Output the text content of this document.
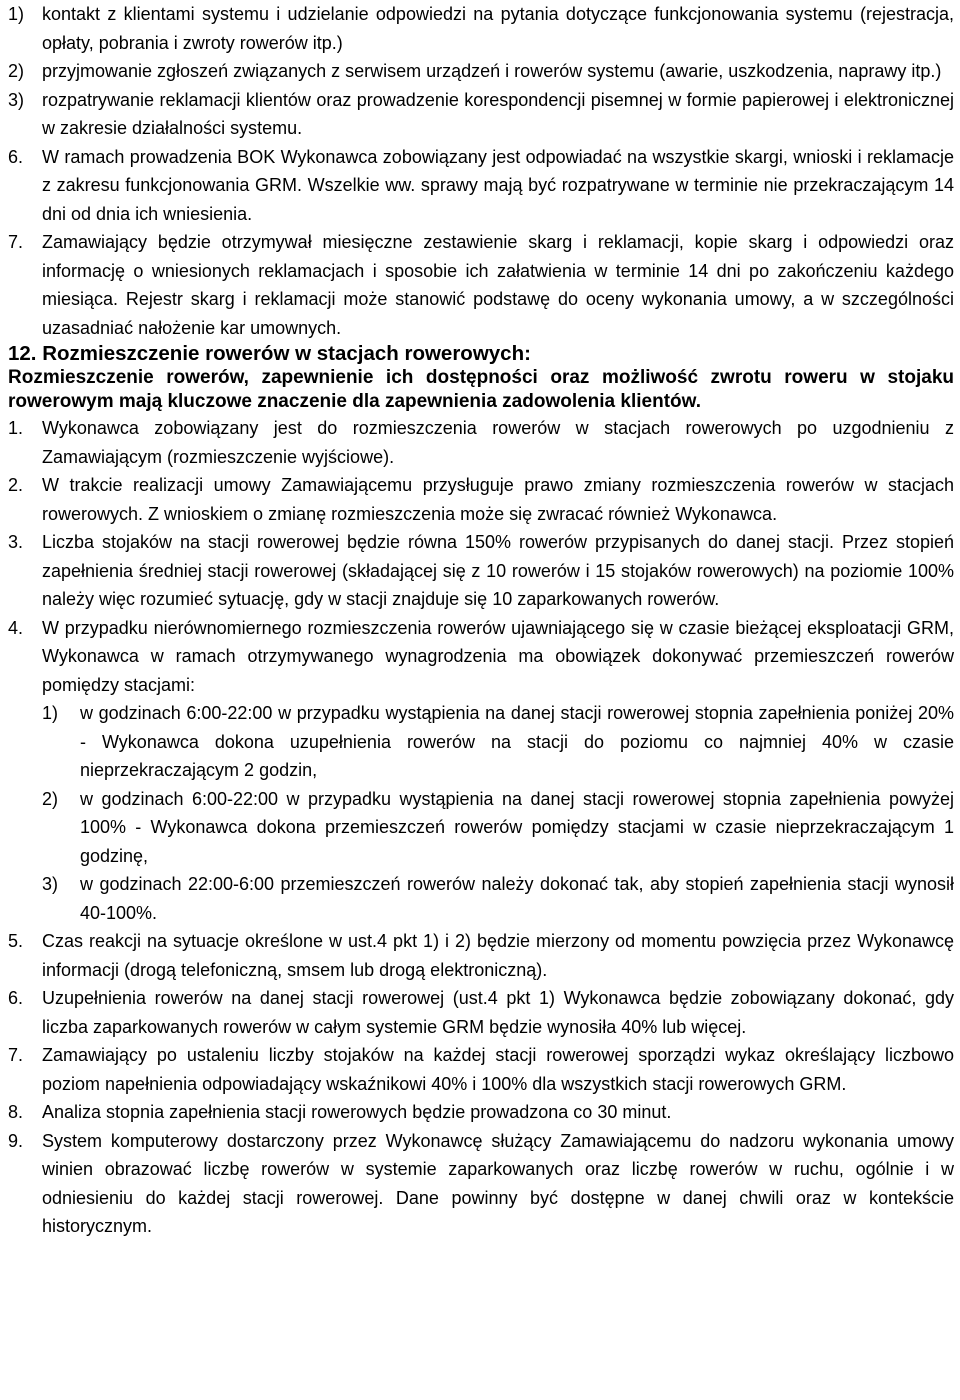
1) kontakt z klientami systemu i udzielanie odpowiedzi na pytania dotyczące funkcjonowania systemu (rejestracja, opłaty, pobrania i zwroty rowerów itp.)
2) przyjmowanie zgłoszeń związanych z serwisem urządzeń i rowerów systemu (awarie, uszkodzenia, naprawy itp.)
3) rozpatrywanie reklamacji klientów oraz prowadzenie korespondencji pisemnej w formie papierowej i elektronicznej w zakresie działalności systemu.
6.	W ramach prowadzenia BOK Wykonawca zobowiązany jest odpowiadać na wszystkie skargi, wnioski i reklamacje z zakresu funkcjonowania GRM. Wszelkie ww. sprawy mają być rozpatrywane w terminie nie przekraczającym 14 dni od dnia ich wniesienia.
7.	Zamawiający będzie otrzymywał miesięczne zestawienie skarg i reklamacji, kopie skarg i odpowiedzi oraz informację o wniesionych reklamacjach i sposobie ich załatwienia w terminie 14 dni po zakończeniu każdego miesiąca. Rejestr skarg i reklamacji może stanowić podstawę do oceny wykonania umowy, a w szczególności uzasadniać nałożenie kar umownych.

12. Rozmieszczenie rowerów w stacjach rowerowych:

Rozmieszczenie rowerów, zapewnienie ich dostępności oraz możliwość zwrotu roweru w stojaku rowerowym mają kluczowe znaczenie dla zapewnienia zadowolenia klientów.

1.	Wykonawca zobowiązany jest do rozmieszczenia rowerów w stacjach rowerowych po uzgodnieniu z Zamawiającym (rozmieszczenie wyjściowe).
2.	W trakcie realizacji umowy Zamawiającemu przysługuje prawo zmiany rozmieszczenia rowerów w stacjach rowerowych. Z wnioskiem o zmianę rozmieszczenia może się zwracać również Wykonawca.
3.	Liczba stojaków na stacji rowerowej będzie równa 150% rowerów przypisanych do danej stacji. Przez stopień zapełnienia średniej stacji rowerowej (składającej się z 10 rowerów i 15 stojaków rowerowych) na poziomie 100% należy więc rozumieć sytuację, gdy w stacji znajduje się 10 zaparkowanych rowerów.
4.	W przypadku nierównomiernego rozmieszczenia rowerów ujawniającego się w czasie bieżącej eksploatacji GRM, Wykonawca w ramach otrzymywanego wynagrodzenia ma obowiązek dokonywać przemieszczeń rowerów pomiędzy stacjami:
1)	w godzinach 6:00-22:00 w przypadku wystąpienia na danej stacji rowerowej stopnia zapełnienia poniżej 20% - Wykonawca dokona uzupełnienia rowerów na stacji do poziomu co najmniej 40% w czasie nieprzekraczającym 2 godzin,
2)	w godzinach 6:00-22:00 w przypadku wystąpienia na danej stacji rowerowej stopnia zapełnienia powyżej 100% - Wykonawca dokona przemieszczeń rowerów pomiędzy stacjami w czasie nieprzekraczającym 1 godzinę,
3)	w godzinach 22:00-6:00 przemieszczeń rowerów należy dokonać tak, aby stopień zapełnienia stacji wynosił 40-100%.
5.	Czas reakcji na sytuacje określone w ust.4 pkt 1) i 2) będzie mierzony od momentu powzięcia przez Wykonawcę informacji (drogą telefoniczną, smsem lub drogą elektroniczną).
6.	Uzupełnienia rowerów na danej stacji rowerowej (ust.4 pkt 1) Wykonawca będzie zobowiązany dokonać, gdy liczba zaparkowanych rowerów w całym systemie GRM będzie wynosiła 40% lub więcej.
7.	Zamawiający po ustaleniu liczby stojaków na każdej stacji rowerowej sporządzi wykaz określający liczbowo poziom napełnienia odpowiadający wskaźnikowi 40% i 100% dla wszystkich stacji rowerowych GRM.
8.	Analiza stopnia zapełnienia stacji rowerowych będzie prowadzona co 30 minut.
9.	System komputerowy dostarczony przez Wykonawcę służący Zamawiającemu do nadzoru wykonania umowy winien obrazować liczbę rowerów w systemie zaparkowanych oraz liczbę rowerów w ruchu, ogólnie i w odniesieniu do każdej stacji rowerowej. Dane powinny być dostępne w danej chwili oraz w kontekście historycznym.
